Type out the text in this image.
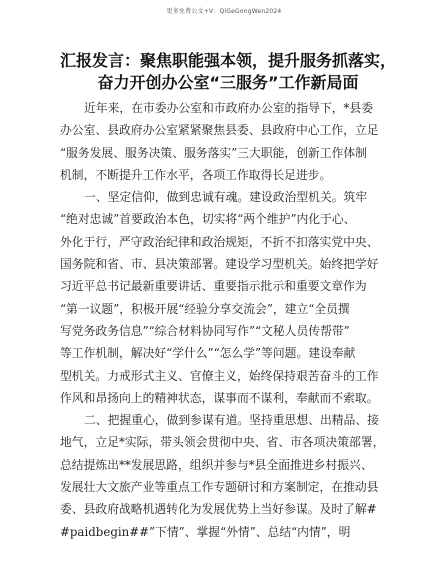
更多免费公文+V：QiGeGongWen2024
汇报发言：聚焦职能强本领，提升服务抓落实，
奋力开创办公室“三服务”工作新局面
近年来，在市委办公室和市政府办公室的指导下，*县委
办公室、县政府办公室紧紧聚焦县委、县政府中心工作，立足
“服务发展、服务决策、服务落实”三大职能，创新工作体制
机制，不断提升工作水平，各项工作取得长足进步。
一、坚定信仰，做到忠诚有魂。建设政治型机关。筑牢
“绝对忠诚”首要政治本色，切实将“两个维护”内化于心、
外化于行，严守政治纪律和政治规矩，不折不扣落实党中央、
国务院和省、市、县决策部署。建设学习型机关。始终把学好
习近平总书记最新重要讲话、重要指示批示和重要文章作为
“第一议题”，积极开展“经验分享交流会”，建立“全员撰
写党务政务信息”“综合材料协同写作”“文秘人员传帮带”
等工作机制，解决好“学什么”“怎么学”等问题。建设奉献
型机关。力戒形式主义、官僚主义，始终保持艰苦奋斗的工作
作风和昂扬向上的精神状态，谋事而不谋利，奉献而不索取。
二、把握重心，做到参谋有道。坚持重思想、出精品、接
地气，立足*实际，带头领会贯彻中央、省、市各项决策部署，
总结提炼出**发展思路，组织并参与*县全面推进乡村振兴、
发展壮大文旅产业等重点工作专题研讨和方案制定，在推动县
委、县政府战略机遇转化为发展优势上当好参谋。及时了解#
#paidbegin##”下情”、掌握“外情”、总结“内情”，明
